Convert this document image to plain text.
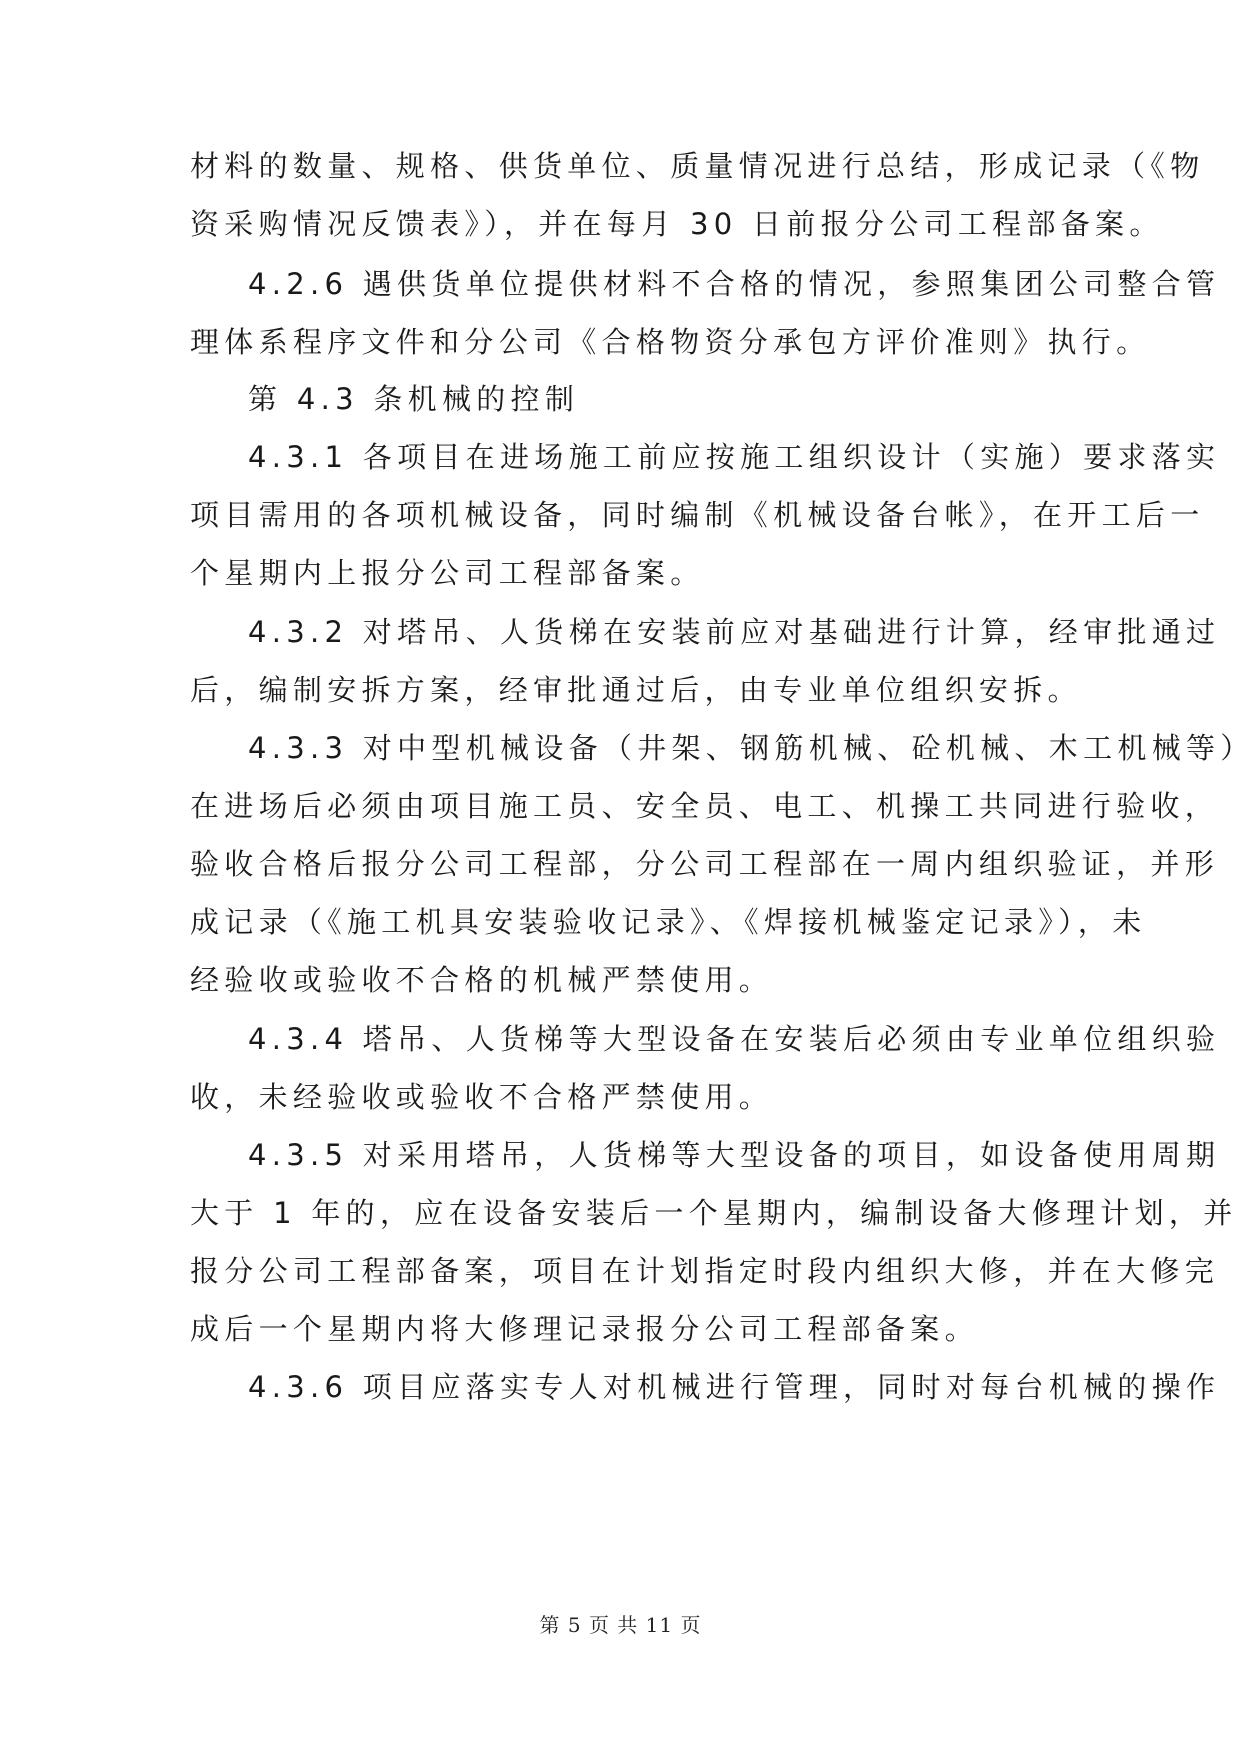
材料的数量、规格、供货单位、质量情况进行总结，形成记录（《物
资采购情况反馈表》），并在每月 30 日前报分公司工程部备案。
4.2.6 遇供货单位提供材料不合格的情况，参照集团公司整合管
理体系程序文件和分公司《合格物资分承包方评价准则》执行。
第 4.3 条机械的控制
4.3.1 各项目在进场施工前应按施工组织设计（实施）要求落实
项目需用的各项机械设备，同时编制《机械设备台帐》，在开工后一
个星期内上报分公司工程部备案。
4.3.2 对塔吊、人货梯在安装前应对基础进行计算，经审批通过
后，编制安拆方案，经审批通过后，由专业单位组织安拆。
4.3.3 对中型机械设备（井架、钢筋机械、砼机械、木工机械等）
在进场后必须由项目施工员、安全员、电工、机操工共同进行验收，
验收合格后报分公司工程部，分公司工程部在一周内组织验证，并形
成记录（《施工机具安装验收记录》、《焊接机械鉴定记录》），未
经验收或验收不合格的机械严禁使用。
4.3.4 塔吊、人货梯等大型设备在安装后必须由专业单位组织验
收，未经验收或验收不合格严禁使用。
4.3.5 对采用塔吊，人货梯等大型设备的项目，如设备使用周期
大于 1 年的，应在设备安装后一个星期内，编制设备大修理计划，并
报分公司工程部备案，项目在计划指定时段内组织大修，并在大修完
成后一个星期内将大修理记录报分公司工程部备案。
4.3.6 项目应落实专人对机械进行管理，同时对每台机械的操作
第 5 页 共 11 页
